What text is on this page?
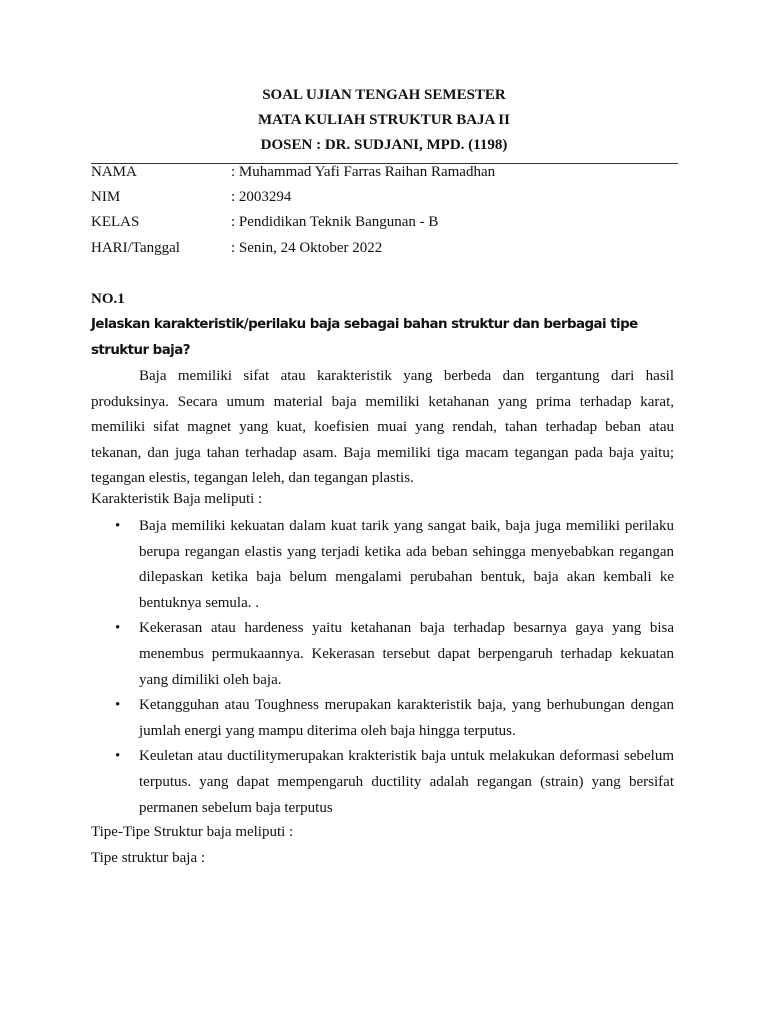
SOAL UJIAN TENGAH SEMESTER
MATA KULIAH STRUKTUR BAJA II
DOSEN : DR. SUDJANI, MPD. (1198)
NAMA	: Muhammad Yafi Farras Raihan Ramadhan
NIM	: 2003294
KELAS	: Pendidikan Teknik Bangunan - B
HARI/Tanggal	: Senin, 24 Oktober 2022
NO.1
Jelaskan karakteristik/perilaku baja sebagai bahan struktur dan berbagai tipe struktur baja?
Baja memiliki sifat atau karakteristik yang berbeda dan tergantung dari hasil produksinya. Secara umum material baja memiliki ketahanan yang prima terhadap karat, memiliki sifat magnet yang kuat, koefisien muai yang rendah, tahan terhadap beban atau tekanan, dan juga tahan terhadap asam. Baja memiliki tiga macam tegangan pada baja yaitu; tegangan elestis, tegangan leleh, dan tegangan plastis.
Karakteristik Baja meliputi :
• Baja memiliki kekuatan dalam kuat tarik yang sangat baik, baja juga memiliki perilaku berupa regangan elastis yang terjadi ketika ada beban sehingga menyebabkan regangan dilepaskan ketika baja belum mengalami perubahan bentuk, baja akan kembali ke bentuknya semula. .
• Kekerasan atau hardeness yaitu ketahanan baja terhadap besarnya gaya yang bisa menembus permukaannya. Kekerasan tersebut dapat berpengaruh terhadap kekuatan yang dimiliki oleh baja.
• Ketangguhan atau Toughness merupakan karakteristik baja, yang berhubungan dengan jumlah energi yang mampu diterima oleh baja hingga terputus.
• Keuletan atau ductilitymerupakan krakteristik baja untuk melakukan deformasi sebelum terputus. yang dapat mempengaruh ductility adalah regangan (strain) yang bersifat permanen sebelum baja terputus
Tipe-Tipe Struktur baja meliputi :
Tipe struktur baja :
